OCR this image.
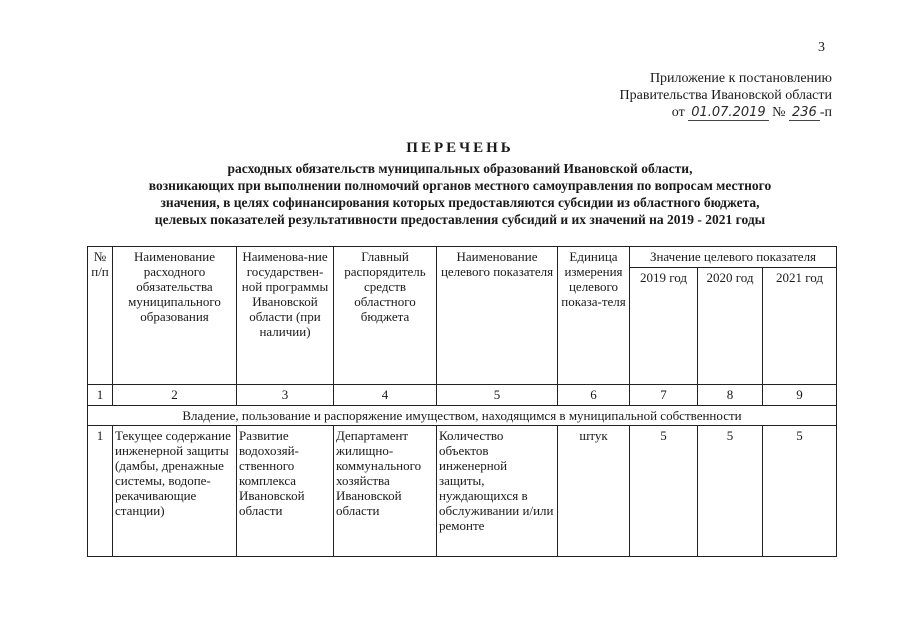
3
Приложение к постановлению
Правительства Ивановской области
от 01.07.2019 № 236 -п
ПЕРЕЧЕНЬ
расходных обязательств муниципальных образований Ивановской области,
возникающих при выполнении полномочий органов местного самоуправления по вопросам местного
значения, в целях софинансирования которых предоставляются субсидии из областного бюджета,
целевых показателей результативности предоставления субсидий и их значений на 2019 - 2021 годы
№ п/п	Наименование расходного обязательства муниципального образования	Наименова-ние государствен-ной программы Ивановской области (при наличии)	Главный распорядитель средств областного бюджета	Наименование целевого показателя	Единица измерения целевого показа-теля	Значение целевого показателя		
						2019 год	2020 год	2021 год
1	2	3	4	5	6	7	8	9
Владение, пользование и распоряжение имуществом, находящимся в муниципальной собственности								
1	Текущее содержание инженерной защиты (дамбы, дренажные системы, водопе-рекачивающие станции)	Развитие водохозяй-ственного комплекса Ивановской области	Департамент жилищно-коммунального хозяйства Ивановской области	Количество объектов инженерной защиты, нуждающихся в обслуживании и/или ремонте	штук	5	5	5
